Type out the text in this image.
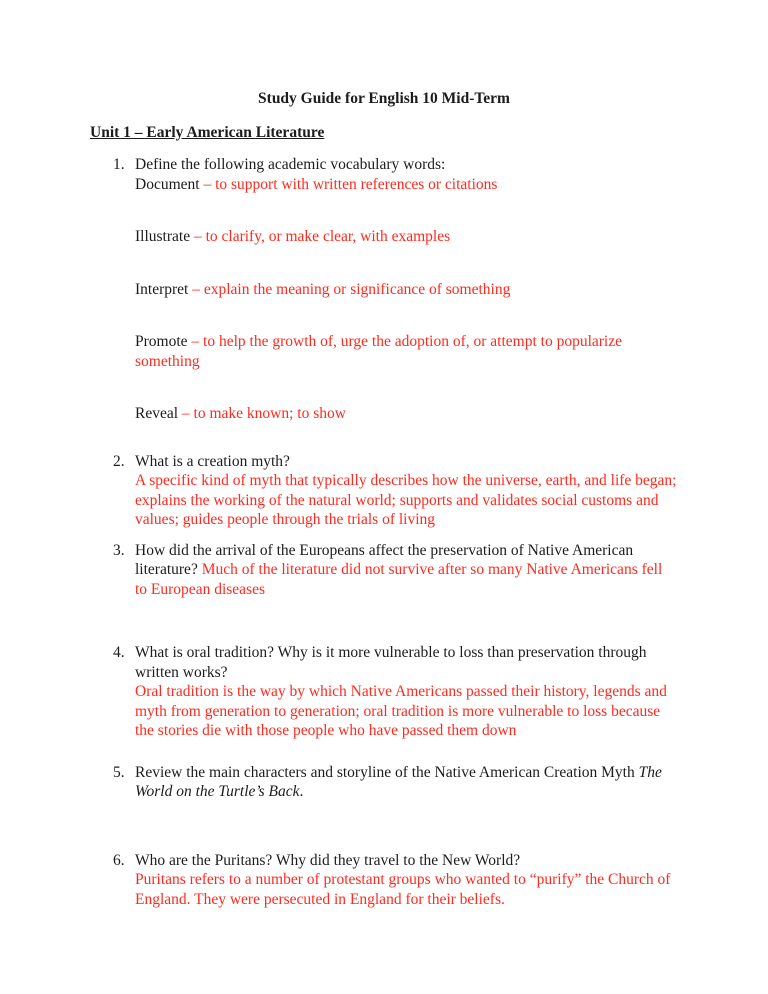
Study Guide for English 10 Mid-Term
Unit 1 – Early American Literature
1. Define the following academic vocabulary words:
Document – to support with written references or citations
Illustrate – to clarify, or make clear, with examples
Interpret – explain the meaning or significance of something
Promote – to help the growth of, urge the adoption of, or attempt to popularize something
Reveal – to make known; to show
2. What is a creation myth?
A specific kind of myth that typically describes how the universe, earth, and life began; explains the working of the natural world; supports and validates social customs and values; guides people through the trials of living
3. How did the arrival of the Europeans affect the preservation of Native American literature? Much of the literature did not survive after so many Native Americans fell to European diseases
4. What is oral tradition? Why is it more vulnerable to loss than preservation through written works?
Oral tradition is the way by which Native Americans passed their history, legends and myth from generation to generation; oral tradition is more vulnerable to loss because the stories die with those people who have passed them down
5. Review the main characters and storyline of the Native American Creation Myth The World on the Turtle’s Back.
6. Who are the Puritans? Why did they travel to the New World?
Puritans refers to a number of protestant groups who wanted to “purify” the Church of England. They were persecuted in England for their beliefs.
